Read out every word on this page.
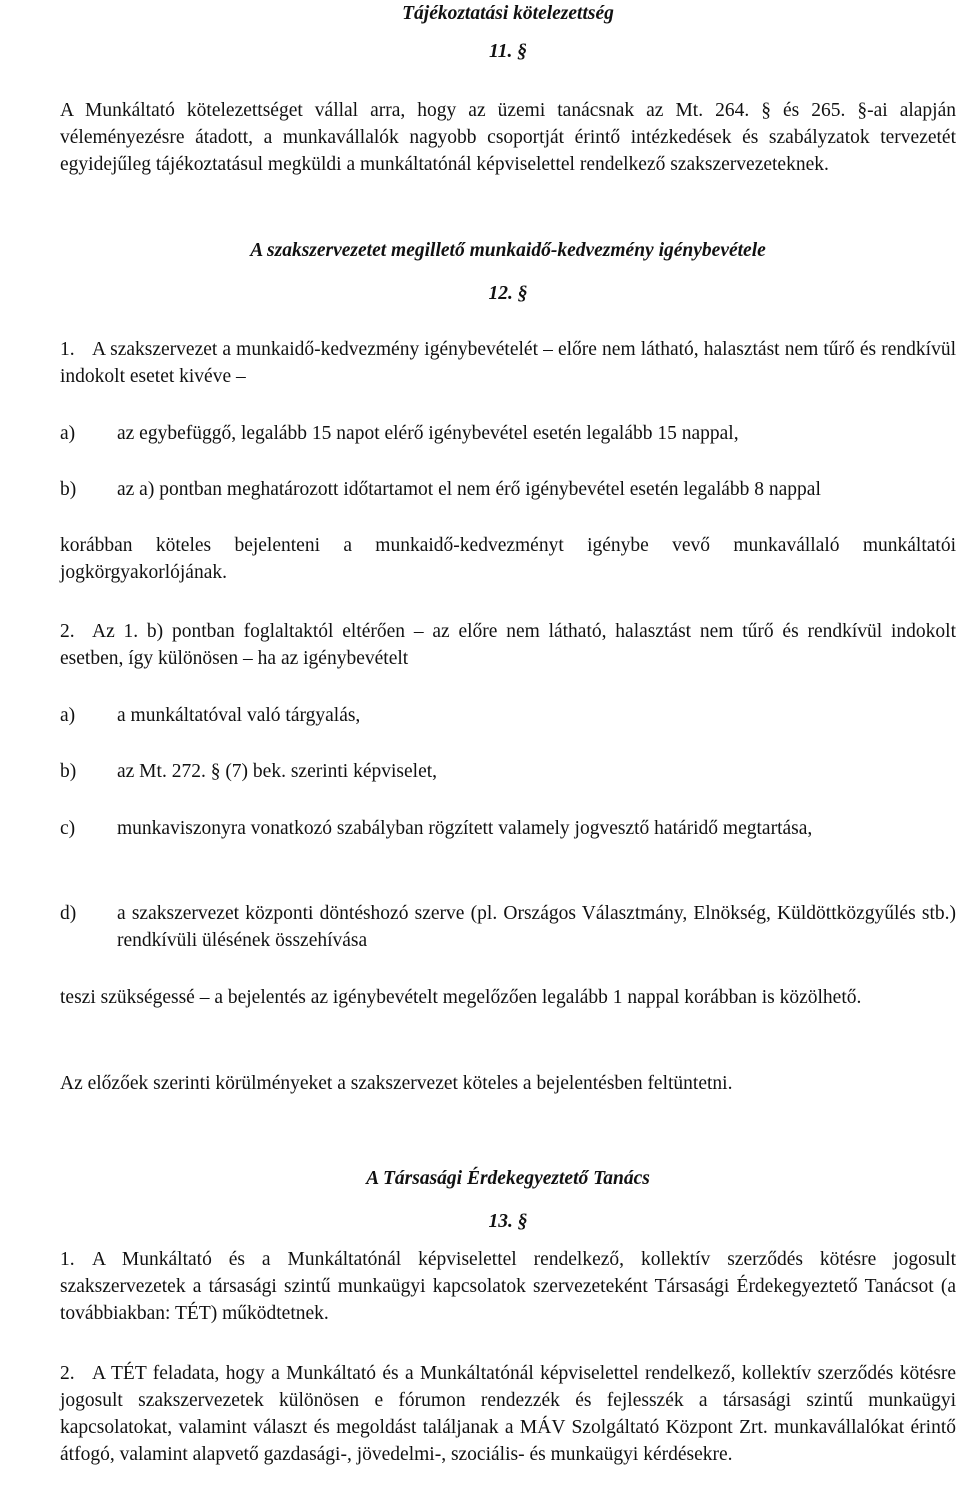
Tájékoztatási kötelezettség
11. §
A Munkáltató kötelezettséget vállal arra, hogy az üzemi tanácsnak az Mt. 264. § és 265. §-ai alapján véleményezésre átadott, a munkavállalók nagyobb csoportját érintő intézkedések és szabályzatok tervezetét egyidejűleg tájékoztatásul megküldi a munkáltatónál képviselettel rendelkező szakszervezeteknek.
A szakszervezetet megillető munkaidő-kedvezmény igénybevétele
12. §
1. A szakszervezet a munkaidő-kedvezmény igénybevételét – előre nem látható, halasztást nem tűrő és rendkívül indokolt esetet kivéve –
a) az egybefüggő, legalább 15 napot elérő igénybevétel esetén legalább 15 nappal,
b) az a) pontban meghatározott időtartamot el nem érő igénybevétel esetén legalább 8 nappal
korábban köteles bejelenteni a munkaidő-kedvezményt igénybe vevő munkavállaló munkáltatói jogkörgyakorlójának.
2. Az 1. b) pontban foglaltaktól eltérően – az előre nem látható, halasztást nem tűrő és rendkívül indokolt esetben, így különösen – ha az igénybevételt
a) a munkáltatóval való tárgyalás,
b) az Mt. 272. § (7) bek. szerinti képviselet,
c) munkaviszonyra vonatkozó szabályban rögzített valamely jogvesztő határidő megtartása,
d) a szakszervezet központi döntéshozó szerve (pl. Országos Választmány, Elnökség, Küldöttközgyűlés stb.) rendkívüli ülésének összehívása
teszi szükségessé – a bejelentés az igénybevételt megelőzően legalább 1 nappal korábban is közölhető.
Az előzőek szerinti körülményeket a szakszervezet köteles a bejelentésben feltüntetni.
A Társasági Érdekegyeztető Tanács
13. §
1. A Munkáltató és a Munkáltatónál képviselettel rendelkező, kollektív szerződés kötésre jogosult szakszervezetek a társasági szintű munkaügyi kapcsolatok szervezeteként Társasági Érdekegyeztető Tanácsot (a továbbiakban: TÉT) működtetnek.
2. A TÉT feladata, hogy a Munkáltató és a Munkáltatónál képviselettel rendelkező, kollektív szerződés kötésre jogosult szakszervezetek különösen e fórumon rendezzék és fejlesszék a társasági szintű munkaügyi kapcsolatokat, valamint választ és megoldást találjanak a MÁV Szolgáltató Központ Zrt. munkavállalókat érintő átfogó, valamint alapvető gazdasági-, jövedelmi-, szociális- és munkaügyi kérdésekre.
